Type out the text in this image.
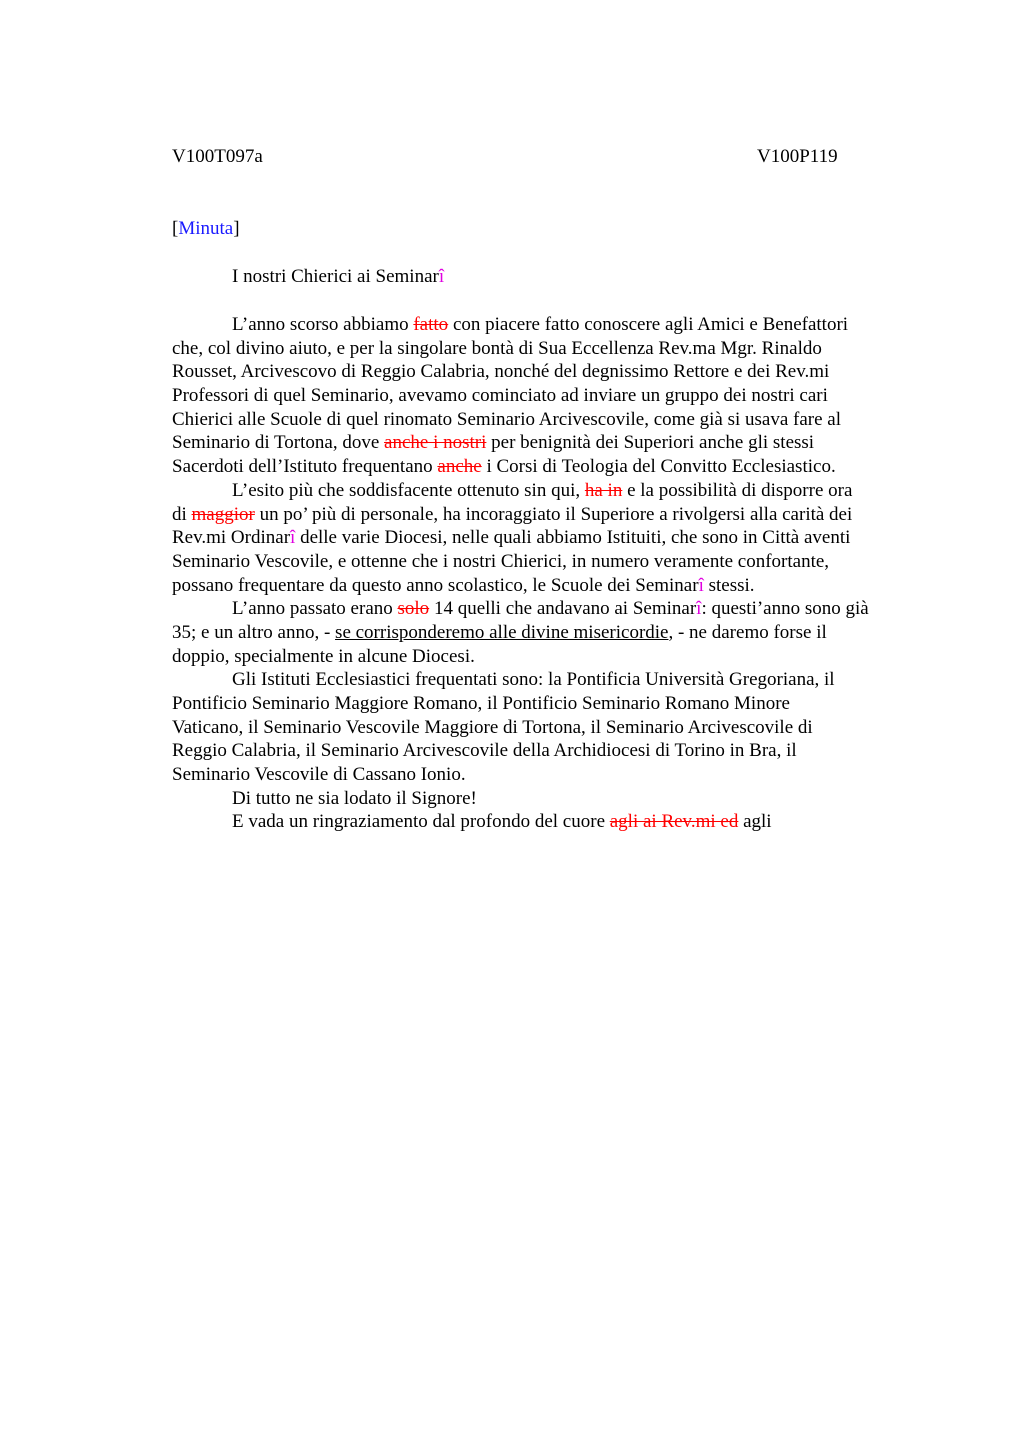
V100T097a	V100P119
[Minuta]
I nostri Chierici ai Seminarî
L’anno scorso abbiamo fatto con piacere fatto conoscere agli Amici e Benefattori
che, col divino aiuto, e per la singolare bontà di Sua Eccellenza Rev.ma Mgr. Rinaldo
Rousset, Arcivescovo di Reggio Calabria, nonché del degnissimo Rettore e dei Rev.mi
Professori di quel Seminario, avevamo cominciato ad inviare un gruppo dei nostri cari
Chierici alle Scuole di quel rinomato Seminario Arcivescovile, come già si usava fare al
Seminario di Tortona, dove anche i nostri per benignità dei Superiori anche gli stessi
Sacerdoti dell’Istituto frequentano anche i Corsi di Teologia del Convitto Ecclesiastico.
L’esito più che soddisfacente ottenuto sin qui, ha in e la possibilità di disporre ora
di maggior un po’ più di personale, ha incoraggiato il Superiore a rivolgersi alla carità dei
Rev.mi Ordinarî delle varie Diocesi, nelle quali abbiamo Istituiti, che sono in Città aventi
Seminario Vescovile, e ottenne che i nostri Chierici, in numero veramente confortante,
possano frequentare da questo anno scolastico, le Scuole dei Seminarî stessi.
L’anno passato erano solo 14 quelli che andavano ai Seminarî: questi’anno sono già
35; e un altro anno, - se corrisponderemo alle divine misericordie, - ne daremo forse il
doppio, specialmente in alcune Diocesi.
Gli Istituti Ecclesiastici frequentati sono: la Pontificia Università Gregoriana, il
Pontificio Seminario Maggiore Romano, il Pontificio Seminario Romano Minore
Vaticano, il Seminario Vescovile Maggiore di Tortona, il Seminario Arcivescovile di
Reggio Calabria, il Seminario Arcivescovile della Archidiocesi di Torino in Bra, il
Seminario Vescovile di Cassano Ionio.
Di tutto ne sia lodato il Signore!
E vada un ringraziamento dal profondo del cuore agli ai Rev.mi ed agli
